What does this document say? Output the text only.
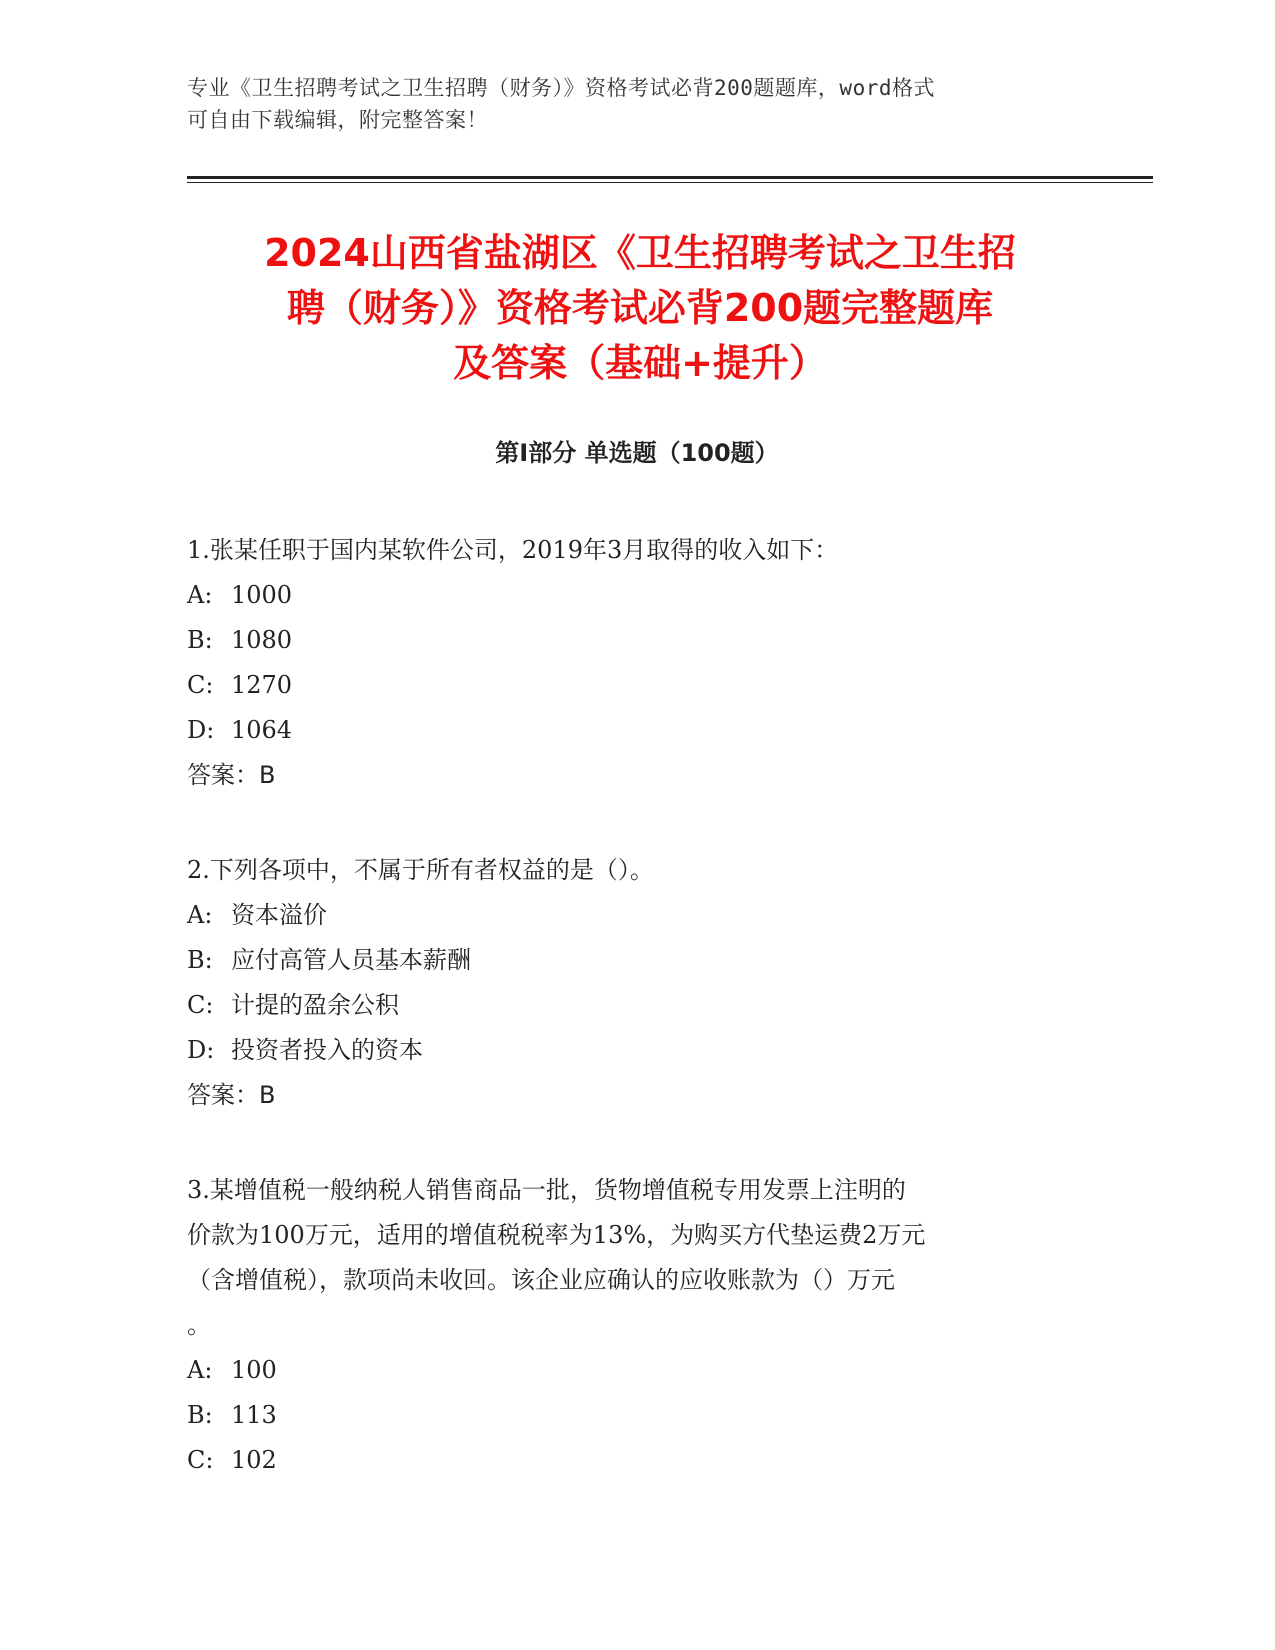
专业《卫生招聘考试之卫生招聘（财务）》资格考试必背200题题库，word格式
可自由下载编辑，附完整答案！
2024山西省盐湖区《卫生招聘考试之卫生招
聘（财务）》资格考试必背200题完整题库
及答案（基础+提升）
第I部分 单选题（100题）

1.张某任职于国内某软件公司，2019年3月取得的收入如下：

A: 1000

B: 1080

C: 1270

D: 1064

答案：B

2.下列各项中，不属于所有者权益的是（）。

A: 资本溢价

B: 应付高管人员基本薪酬

C: 计提的盈余公积

D: 投资者投入的资本

答案：B

3.某增值税一般纳税人销售商品一批，货物增值税专用发票上注明的

价款为100万元，适用的增值税税率为13%，为购买方代垫运费2万元

（含增值税），款项尚未收回。该企业应确认的应收账款为（）万元

。

A: 100

B: 113

C: 102
